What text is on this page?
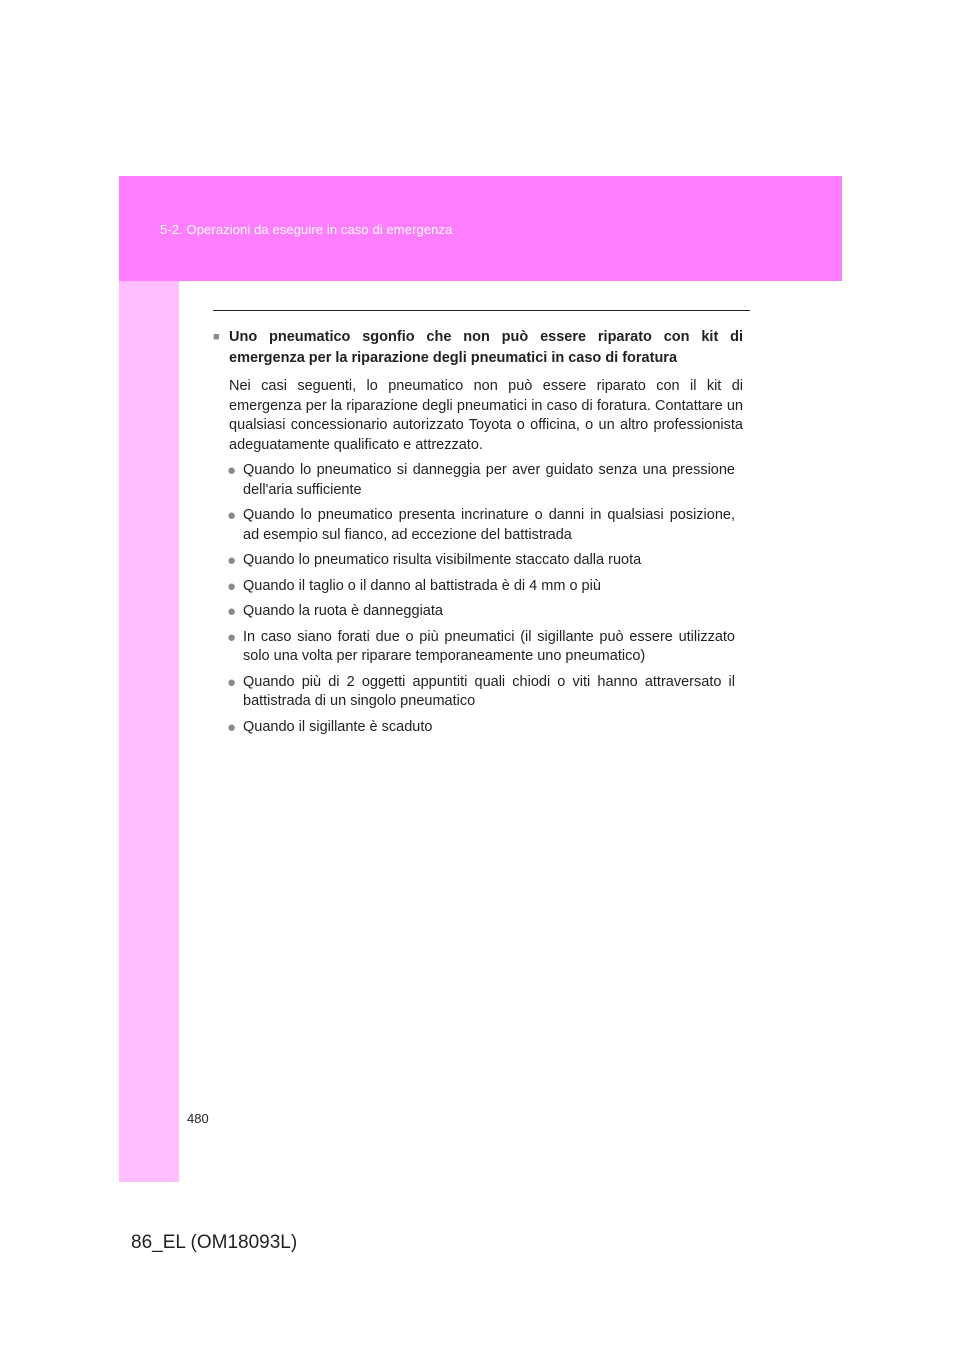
5-2. Operazioni da eseguire in caso di emergenza
480
■ Uno pneumatico sgonfio che non può essere riparato con kit di emergenza per la riparazione degli pneumatici in caso di foratura

Nei casi seguenti, lo pneumatico non può essere riparato con il kit di emergenza per la riparazione degli pneumatici in caso di foratura. Contattare un qualsiasi concessionario autorizzato Toyota o officina, o un altro professionista adeguatamente qualificato e attrezzato.

● Quando lo pneumatico si danneggia per aver guidato senza una pressione dell'aria sufficiente
● Quando lo pneumatico presenta incrinature o danni in qualsiasi posizione, ad esempio sul fianco, ad eccezione del battistrada
● Quando lo pneumatico risulta visibilmente staccato dalla ruota
● Quando il taglio o il danno al battistrada è di 4 mm o più
● Quando la ruota è danneggiata
● In caso siano forati due o più pneumatici (il sigillante può essere utilizzato solo una volta per riparare temporaneamente uno pneumatico)
● Quando più di 2 oggetti appuntiti quali chiodi o viti hanno attraversato il battistrada di un singolo pneumatico
● Quando il sigillante è scaduto
86_EL (OM18093L)
